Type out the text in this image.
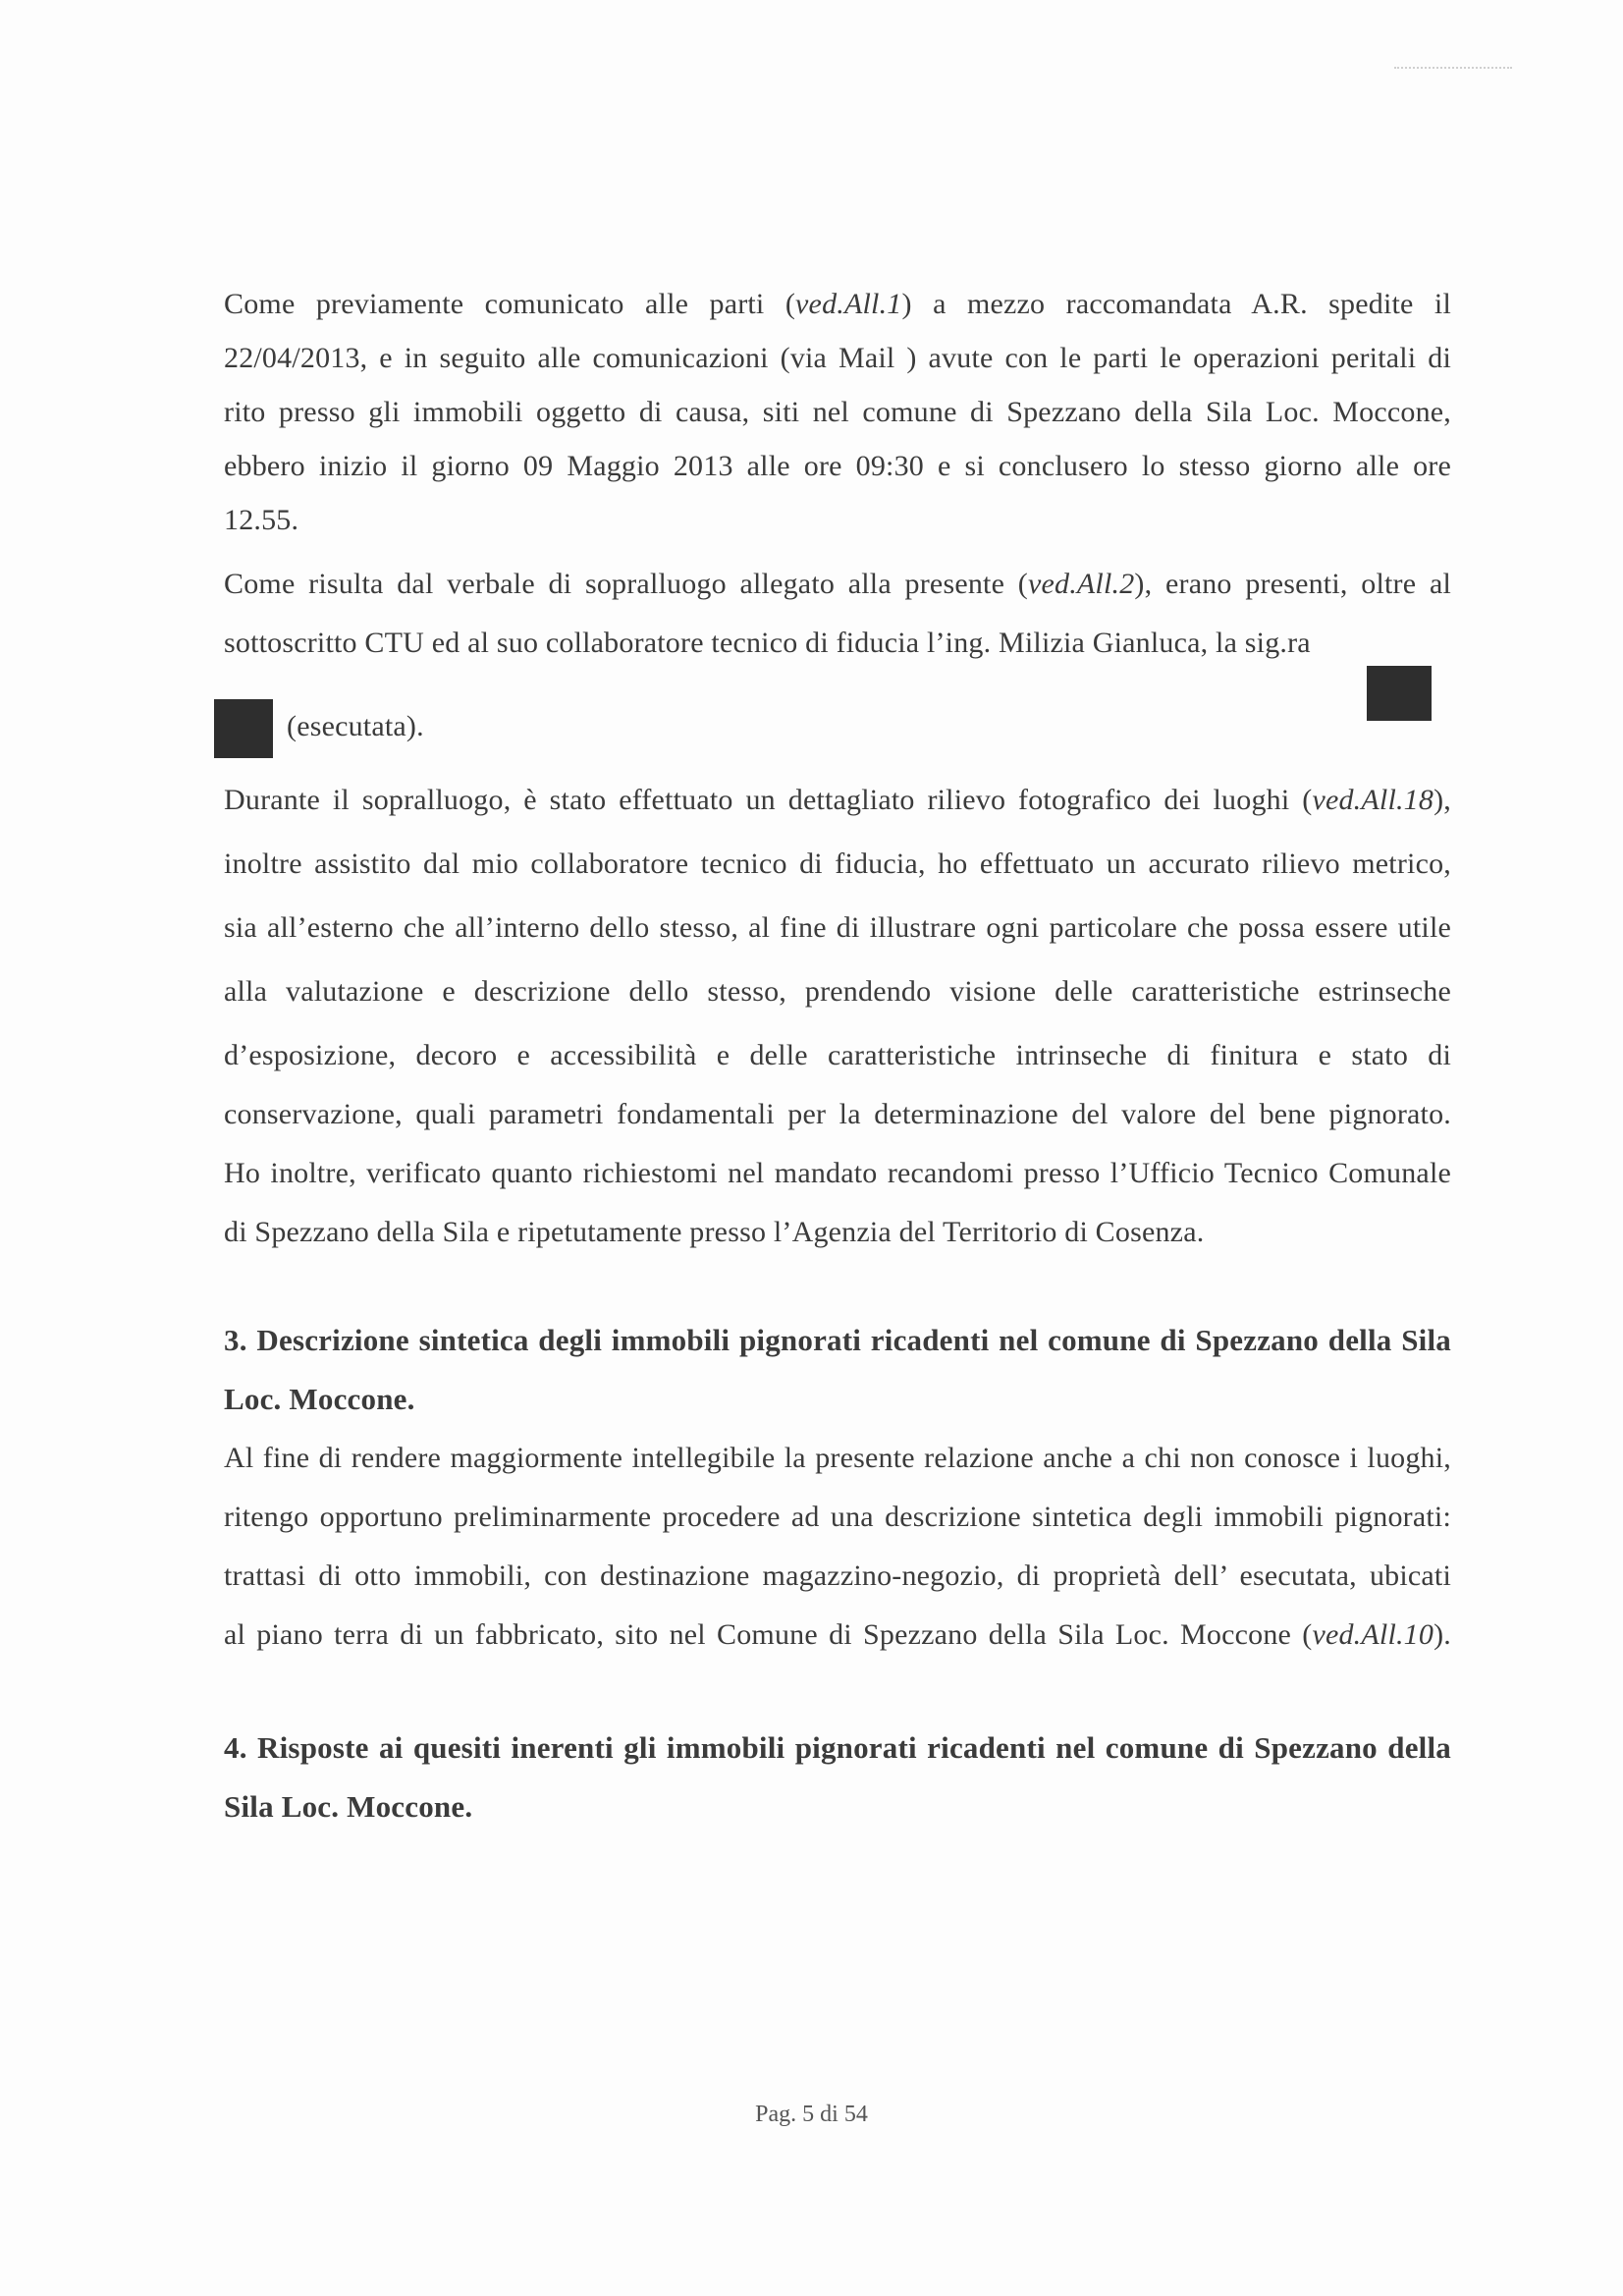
Come previamente comunicato alle parti (ved.All.1) a mezzo raccomandata A.R. spedite il
22/04/2013, e in seguito alle comunicazioni (via Mail ) avute con le parti le operazioni peritali di
rito presso gli immobili oggetto di causa, siti nel comune di Spezzano della Sila Loc. Moccone,
ebbero inizio il giorno 09 Maggio 2013 alle ore 09:30 e si conclusero lo stesso giorno alle ore
12.55.
Come risulta dal verbale di sopralluogo allegato alla presente (ved.All.2), erano presenti, oltre al
sottoscritto CTU ed al suo collaboratore tecnico di fiducia l’ing. Milizia Gianluca, la sig.ra
(esecutata).
Durante il sopralluogo, è stato effettuato un dettagliato rilievo fotografico dei luoghi (ved.All.18),
inoltre assistito dal mio collaboratore tecnico di fiducia, ho effettuato un accurato rilievo metrico,
sia all’esterno che all’interno dello stesso, al fine di illustrare ogni particolare che possa essere utile
alla valutazione e descrizione dello stesso, prendendo visione delle caratteristiche estrinseche
d’esposizione, decoro e accessibilità e delle caratteristiche intrinseche di finitura e stato di
conservazione, quali parametri fondamentali per la determinazione del valore del bene pignorato.
Ho inoltre, verificato quanto richiestomi nel mandato recandomi presso l’Ufficio Tecnico Comunale
di Spezzano della Sila e ripetutamente presso l’Agenzia del Territorio di Cosenza.
3. Descrizione sintetica degli immobili pignorati ricadenti nel comune di Spezzano della Sila
Loc. Moccone.
Al fine di rendere maggiormente intellegibile la presente relazione anche a chi non conosce i luoghi,
ritengo opportuno preliminarmente procedere ad una descrizione sintetica degli immobili pignorati:
trattasi di otto immobili, con destinazione magazzino-negozio, di proprietà dell’ esecutata, ubicati
al piano terra di un fabbricato, sito nel Comune di Spezzano della Sila Loc. Moccone (ved.All.10).
4. Risposte ai quesiti inerenti gli immobili pignorati ricadenti nel comune di Spezzano della
Sila Loc. Moccone.
Pag. 5 di 54
